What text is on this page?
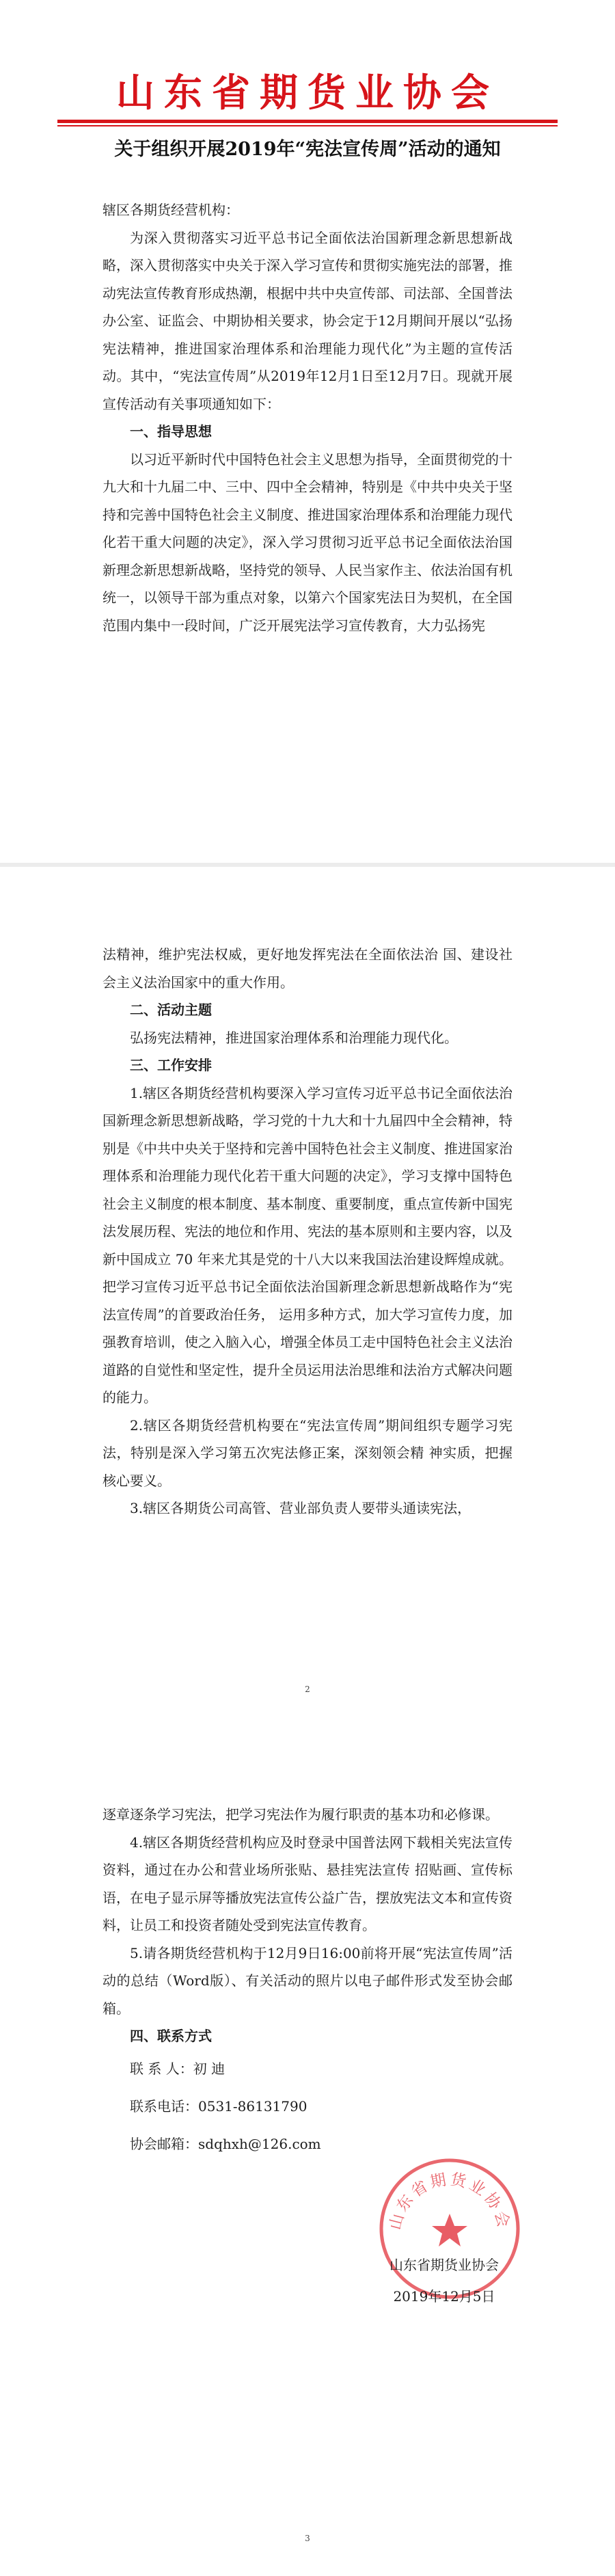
山东省期货业协会
关于组织开展2019年“宪法宣传周”活动的通知

辖区各期货经营机构：

为深入贯彻落实习近平总书记全面依法治国新理念新思想新战略，深入贯彻落实中央关于深入学习宣传和贯彻实施宪法的部署，推动宪法宣传教育形成热潮，根据中共中央宣传部、司法部、全国普法办公室、证监会、中期协相关要求，协会定于12月期间开展以“弘扬宪法精神，推进国家治理体系和治理能力现代化”为主题的宣传活动。其中，“宪法宣传周”从2019年12月1日至12月7日。现就开展宣传活动有关事项通知如下：

一、指导思想

以习近平新时代中国特色社会主义思想为指导，全面贯彻党的十九大和十九届二中、三中、四中全会精神，特别是《中共中央关于坚持和完善中国特色社会主义制度、推进国家治理体系和治理能力现代化若干重大问题的决定》，深入学习贯彻习近平总书记全面依法治国新理念新思想新战略，坚持党的领导、人民当家作主、依法治国有机统一，以领导干部为重点对象，以第六个国家宪法日为契机，在全国范围内集中一段时间，广泛开展宪法学习宣传教育，大力弘扬宪

法精神，维护宪法权威，更好地发挥宪法在全面依法治 国、建设社会主义法治国家中的重大作用。

二、活动主题

弘扬宪法精神，推进国家治理体系和治理能力现代化。

三、工作安排

1.辖区各期货经营机构要深入学习宣传习近平总书记全面依法治国新理念新思想新战略，学习党的十九大和十九届四中全会精神，特别是《中共中央关于坚持和完善中国特色社会主义制度、推进国家治理体系和治理能力现代化若干重大问题的决定》，学习支撑中国特色社会主义制度的根本制度、基本制度、重要制度，重点宣传新中国宪法发展历程、宪法的地位和作用、宪法的基本原则和主要内容，以及新中国成立 70 年来尤其是党的十八大以来我国法治建设辉煌成就。把学习宣传习近平总书记全面依法治国新理念新思想新战略作为“宪法宣传周”的首要政治任务， 运用多种方式，加大学习宣传力度，加强教育培训，使之入脑入心，增强全体员工走中国特色社会主义法治道路的自觉性和坚定性，提升全员运用法治思维和法治方式解决问题的能力。

2.辖区各期货经营机构要在“宪法宣传周”期间组织专题学习宪法，特别是深入学习第五次宪法修正案，深刻领会精 神实质，把握核心要义。

3.辖区各期货公司高管、营业部负责人要带头通读宪法，

2

逐章逐条学习宪法，把学习宪法作为履行职责的基本功和必修课。

4.辖区各期货经营机构应及时登录中国普法网下载相关宪法宣传资料，通过在办公和营业场所张贴、悬挂宪法宣传 招贴画、宣传标语，在电子显示屏等播放宪法宣传公益广告，摆放宪法文本和宣传资料，让员工和投资者随处受到宪法宣传教育。

5.请各期货经营机构于12月9日16:00前将开展“宪法宣传周”活动的总结（Word版）、有关活动的照片以电子邮件形式发至协会邮箱。

四、联系方式

联 系 人：初 迪

联系电话：0531-86131790

协会邮箱：sdqhxh@126.com

3
山东省期货业协会
山东省期货业协会
2019年12月5日
